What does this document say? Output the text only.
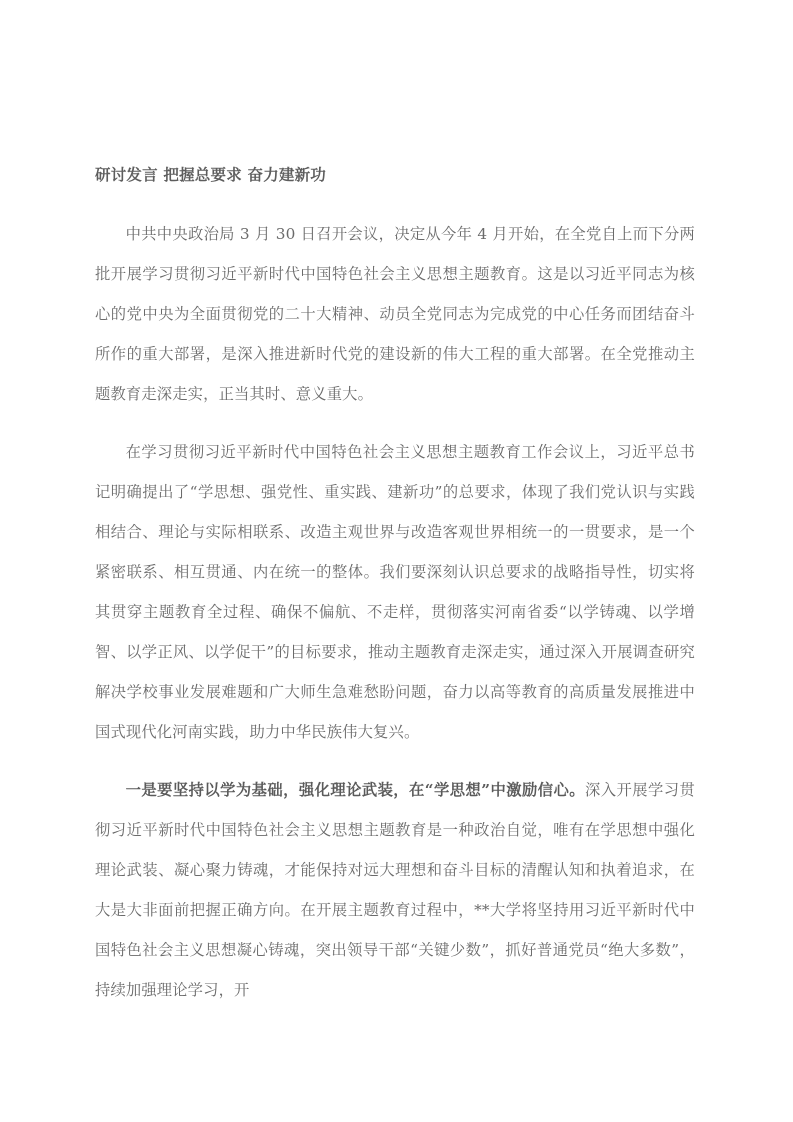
研讨发言 把握总要求 奋力建新功

中共中央政治局 3 月 30 日召开会议，决定从今年 4 月开始，在全党自上而下分两批开展学习贯彻习近平新时代中国特色社会主义思想主题教育。这是以习近平同志为核心的党中央为全面贯彻党的二十大精神、动员全党同志为完成党的中心任务而团结奋斗所作的重大部署，是深入推进新时代党的建设新的伟大工程的重大部署。在全党推动主题教育走深走实，正当其时、意义重大。

在学习贯彻习近平新时代中国特色社会主义思想主题教育工作会议上，习近平总书记明确提出了“学思想、强党性、重实践、建新功”的总要求，体现了我们党认识与实践相结合、理论与实际相联系、改造主观世界与改造客观世界相统一的一贯要求，是一个紧密联系、相互贯通、内在统一的整体。我们要深刻认识总要求的战略指导性，切实将其贯穿主题教育全过程、确保不偏航、不走样，贯彻落实河南省委“以学铸魂、以学增智、以学正风、以学促干”的目标要求，推动主题教育走深走实，通过深入开展调查研究解决学校事业发展难题和广大师生急难愁盼问题，奋力以高等教育的高质量发展推进中国式现代化河南实践，助力中华民族伟大复兴。

一是要坚持以学为基础，强化理论武装，在“学思想”中激励信心。深入开展学习贯彻习近平新时代中国特色社会主义思想主题教育是一种政治自觉，唯有在学思想中强化理论武装、凝心聚力铸魂，才能保持对远大理想和奋斗目标的清醒认知和执着追求，在大是大非面前把握正确方向。在开展主题教育过程中，**大学将坚持用习近平新时代中国特色社会主义思想凝心铸魂，突出领导干部“关键少数”，抓好普通党员“绝大多数”，持续加强理论学习，开
